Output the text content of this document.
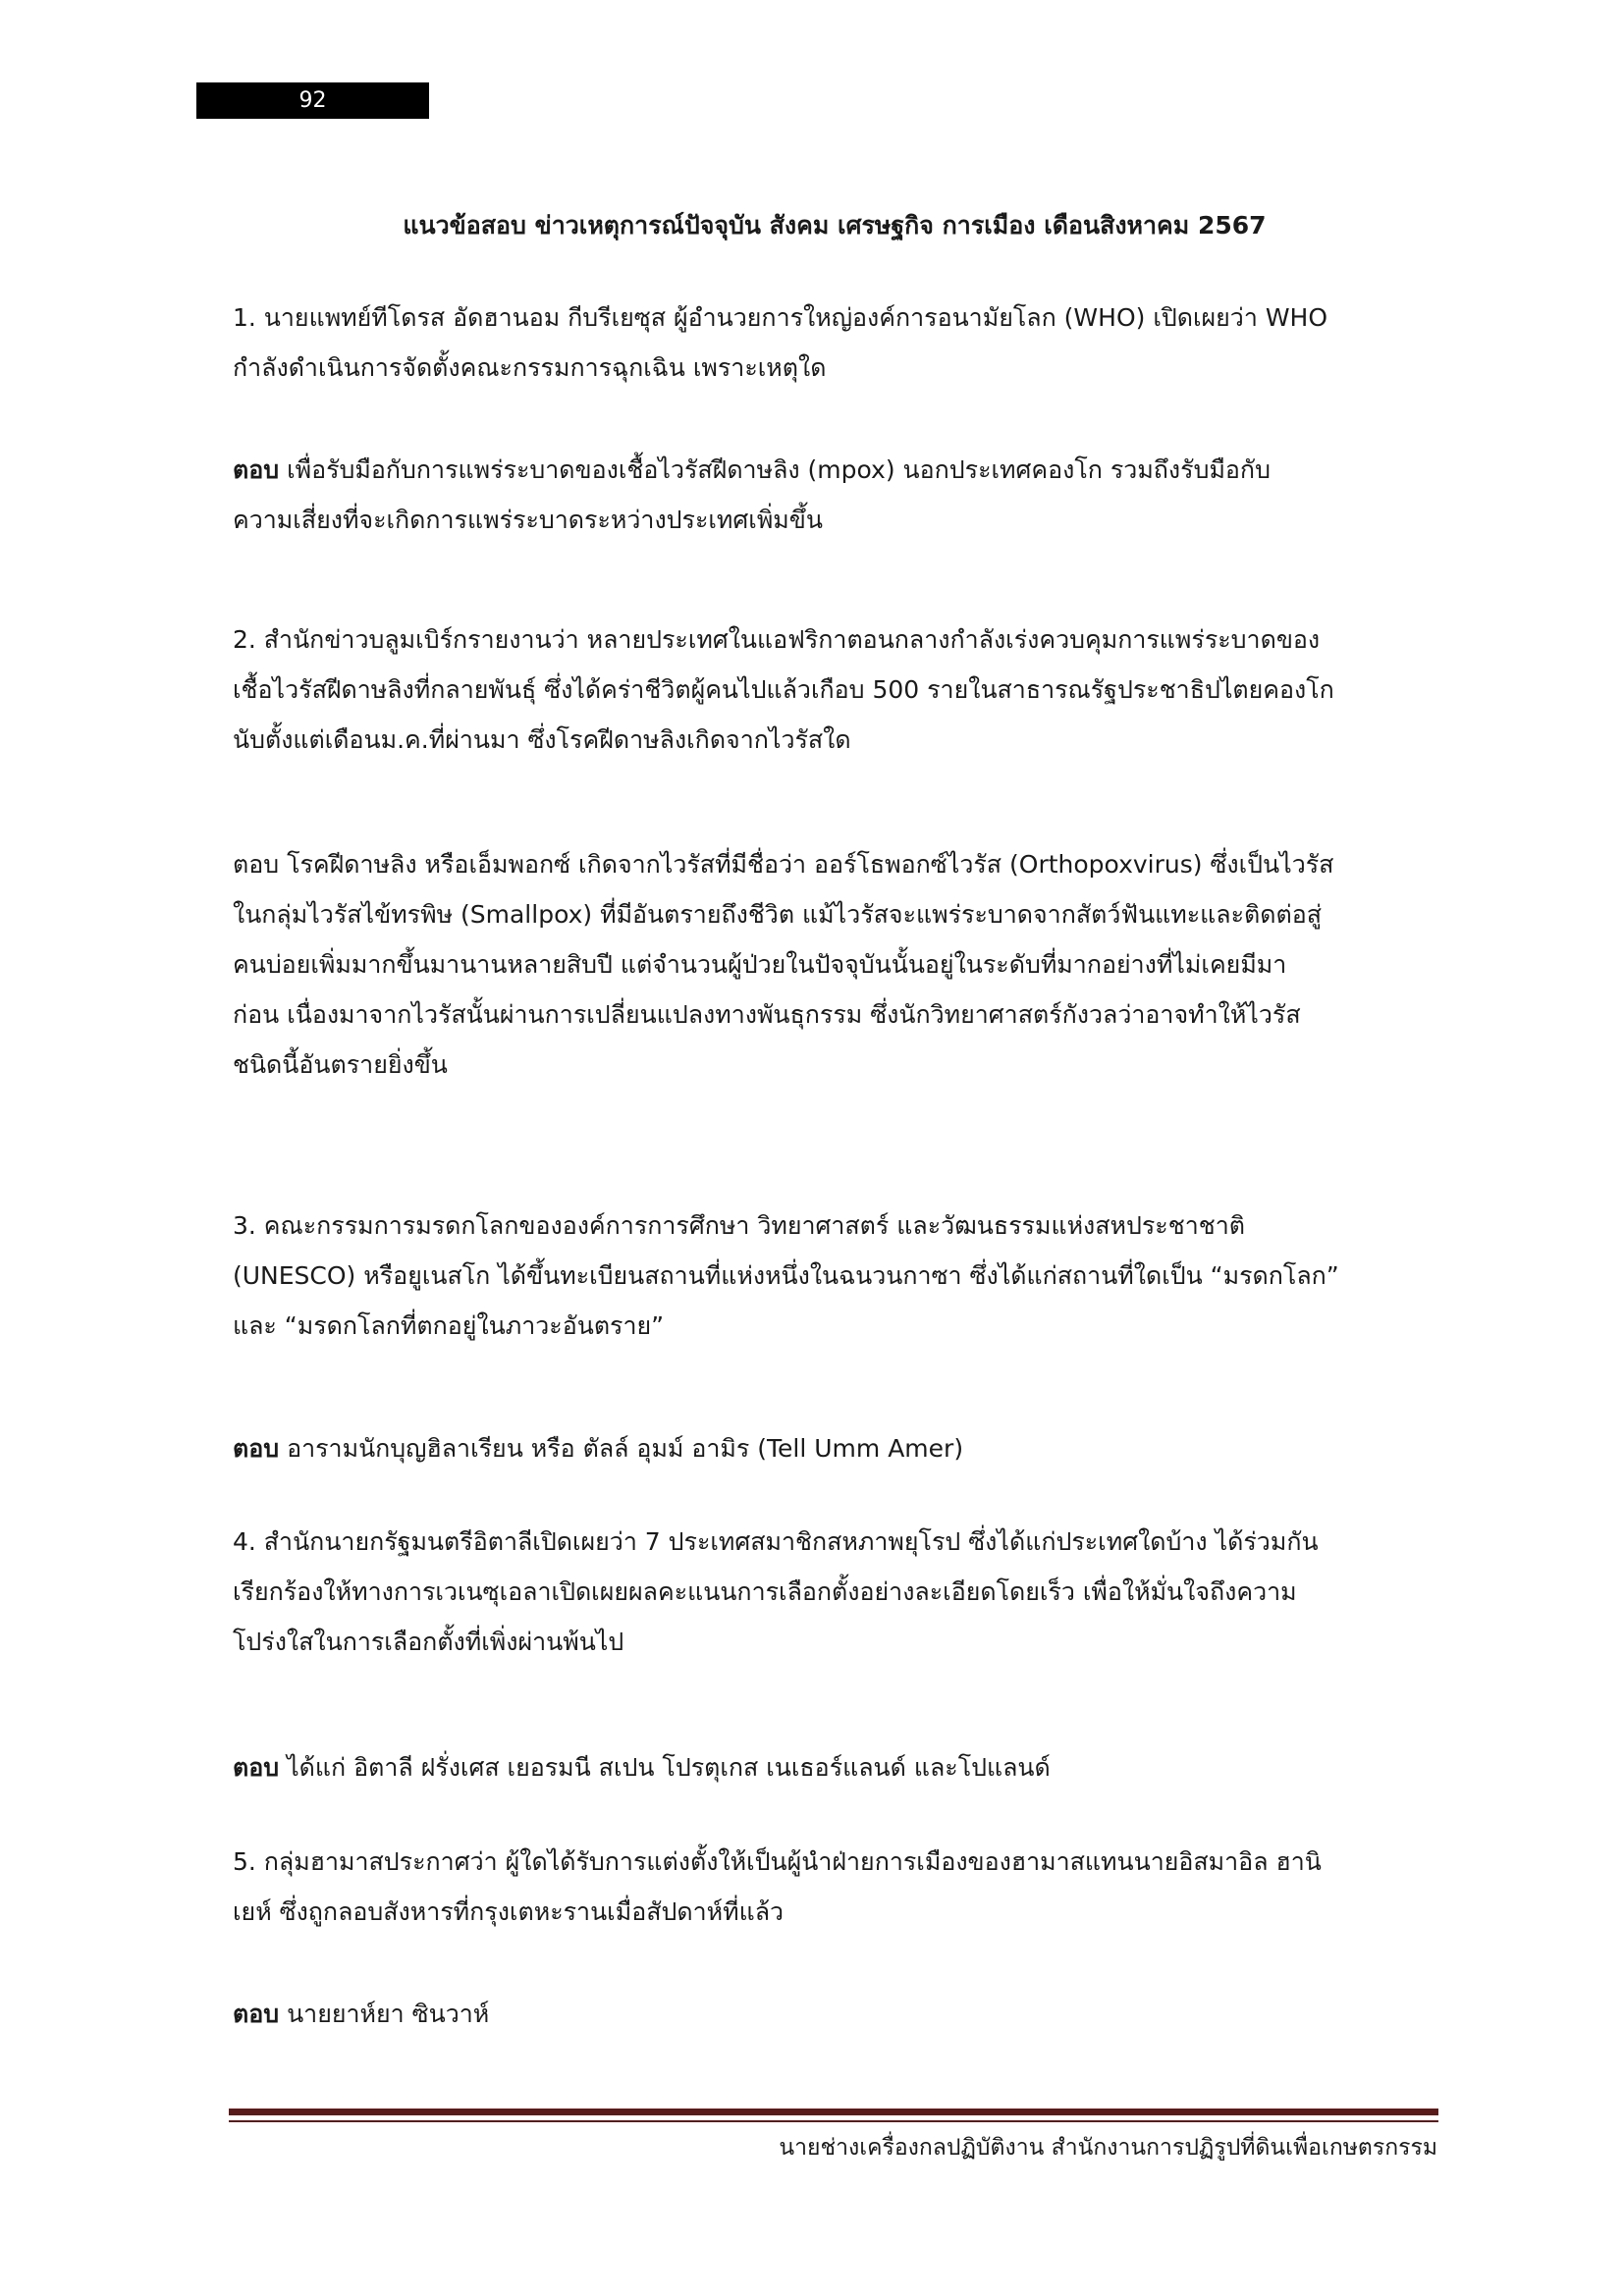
92
แนวข้อสอบ ข่าวเหตุการณ์ปัจจุบัน สังคม เศรษฐกิจ การเมือง เดือนสิงหาคม 2567
1. นายแพทย์ทีโดรส อัดฮานอม กีบรีเยซุส ผู้อำนวยการใหญ่องค์การอนามัยโลก (WHO) เปิดเผยว่า WHO
กำลังดำเนินการจัดตั้งคณะกรรมการฉุกเฉิน เพราะเหตุใด
ตอบ เพื่อรับมือกับการแพร่ระบาดของเชื้อไวรัสฝีดาษลิง (mpox) นอกประเทศคองโก รวมถึงรับมือกับ
ความเสี่ยงที่จะเกิดการแพร่ระบาดระหว่างประเทศเพิ่มขึ้น
2. สำนักข่าวบลูมเบิร์กรายงานว่า หลายประเทศในแอฟริกาตอนกลางกำลังเร่งควบคุมการแพร่ระบาดของ
เชื้อไวรัสฝีดาษลิงที่กลายพันธุ์ ซึ่งได้คร่าชีวิตผู้คนไปแล้วเกือบ 500 รายในสาธารณรัฐประชาธิปไตยคองโก
นับตั้งแต่เดือนม.ค.ที่ผ่านมา ซึ่งโรคฝีดาษลิงเกิดจากไวรัสใด
ตอบ โรคฝีดาษลิง หรือเอ็มพอกซ์ เกิดจากไวรัสที่มีชื่อว่า ออร์โธพอกซ์ไวรัส (Orthopoxvirus) ซึ่งเป็นไวรัส
ในกลุ่มไวรัสไข้ทรพิษ (Smallpox) ที่มีอันตรายถึงชีวิต แม้ไวรัสจะแพร่ระบาดจากสัตว์ฟันแทะและติดต่อสู่
คนบ่อยเพิ่มมากขึ้นมานานหลายสิบปี แต่จำนวนผู้ป่วยในปัจจุบันนั้นอยู่ในระดับที่มากอย่างที่ไม่เคยมีมา
ก่อน เนื่องมาจากไวรัสนั้นผ่านการเปลี่ยนแปลงทางพันธุกรรม ซึ่งนักวิทยาศาสตร์กังวลว่าอาจทำให้ไวรัส
ชนิดนี้อันตรายยิ่งขึ้น
3. คณะกรรมการมรดกโลกขององค์การการศึกษา วิทยาศาสตร์ และวัฒนธรรมแห่งสหประชาชาติ
(UNESCO) หรือยูเนสโก ได้ขึ้นทะเบียนสถานที่แห่งหนึ่งในฉนวนกาซา ซึ่งได้แก่สถานที่ใดเป็น “มรดกโลก”
และ “มรดกโลกที่ตกอยู่ในภาวะอันตราย”
ตอบ อารามนักบุญฮิลาเรียน หรือ ตัลล์ อุมม์ อามิร (Tell Umm Amer)
4. สำนักนายกรัฐมนตรีอิตาลีเปิดเผยว่า 7 ประเทศสมาชิกสหภาพยุโรป ซึ่งได้แก่ประเทศใดบ้าง ได้ร่วมกัน
เรียกร้องให้ทางการเวเนซุเอลาเปิดเผยผลคะแนนการเลือกตั้งอย่างละเอียดโดยเร็ว เพื่อให้มั่นใจถึงความ
โปร่งใสในการเลือกตั้งที่เพิ่งผ่านพ้นไป
ตอบ ได้แก่ อิตาลี ฝรั่งเศส เยอรมนี สเปน โปรตุเกส เนเธอร์แลนด์ และโปแลนด์
5. กลุ่มฮามาสประกาศว่า ผู้ใดได้รับการแต่งตั้งให้เป็นผู้นำฝ่ายการเมืองของฮามาสแทนนายอิสมาอิล ฮานิ
เยห์ ซึ่งถูกลอบสังหารที่กรุงเตหะรานเมื่อสัปดาห์ที่แล้ว
ตอบ นายยาห์ยา ซินวาห์
นายช่างเครื่องกลปฏิบัติงาน สำนักงานการปฏิรูปที่ดินเพื่อเกษตรกรรม
